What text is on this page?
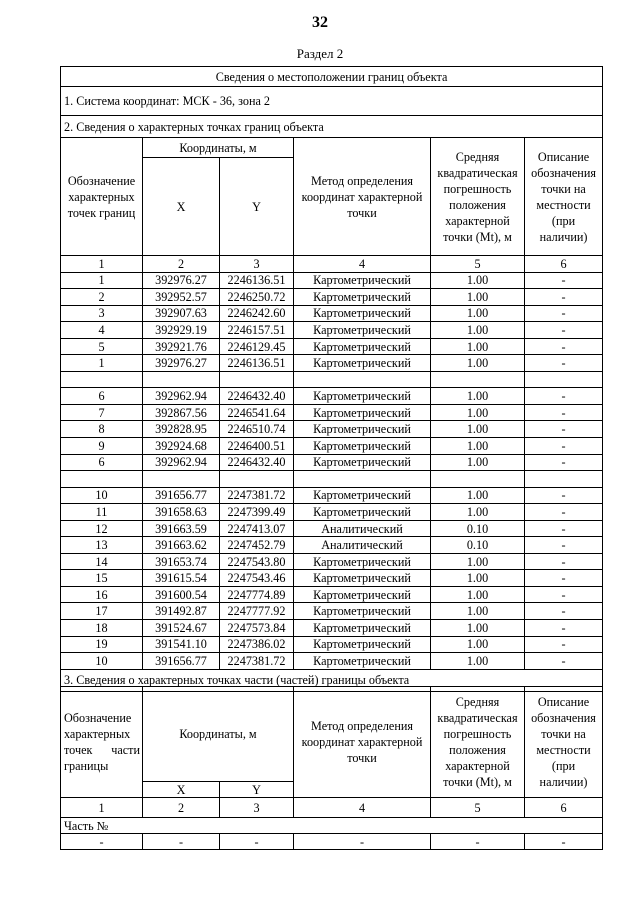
32
Раздел 2
Сведения о местоположении границ объекта					
1. Система координат: МСК - 36, зона 2					
2. Сведения о характерных точках границ объекта					
Обозначение характерных точек границ	Координаты, м		Метод определения координат характерной точки	Средняя квадратическая погрешность положения характерной точки (Mt), м	Описание обозначения точки на местности (при наличии)
	X	Y			
1	2	3	4	5	6
1	392976.27	2246136.51	Картометрический	1.00	-
2	392952.57	2246250.72	Картометрический	1.00	-
3	392907.63	2246242.60	Картометрический	1.00	-
4	392929.19	2246157.51	Картометрический	1.00	-
5	392921.76	2246129.45	Картометрический	1.00	-
1	392976.27	2246136.51	Картометрический	1.00	-

6	392962.94	2246432.40	Картометрический	1.00	-
7	392867.56	2246541.64	Картометрический	1.00	-
8	392828.95	2246510.74	Картометрический	1.00	-
9	392924.68	2246400.51	Картометрический	1.00	-
6	392962.94	2246432.40	Картометрический	1.00	-

10	391656.77	2247381.72	Картометрический	1.00	-
11	391658.63	2247399.49	Картометрический	1.00	-
12	391663.59	2247413.07	Аналитический	0.10	-
13	391663.62	2247452.79	Аналитический	0.10	-
14	391653.74	2247543.80	Картометрический	1.00	-
15	391615.54	2247543.46	Картометрический	1.00	-
16	391600.54	2247774.89	Картометрический	1.00	-
17	391492.87	2247777.92	Картометрический	1.00	-
18	391524.67	2247573.84	Картометрический	1.00	-
19	391541.10	2247386.02	Картометрический	1.00	-
10	391656.77	2247381.72	Картометрический	1.00	-
3. Сведения о характерных точках части (частей) границы объекта					
Обозначение характерных точек части границы	Координаты, м		Метод определения координат характерной точки	Средняя квадратическая погрешность положения характерной точки (Mt), м	Описание обозначения точки на местности (при наличии)
	X	Y			
1	2	3	4	5	6
Часть №					
-	-	-	-	-	-
